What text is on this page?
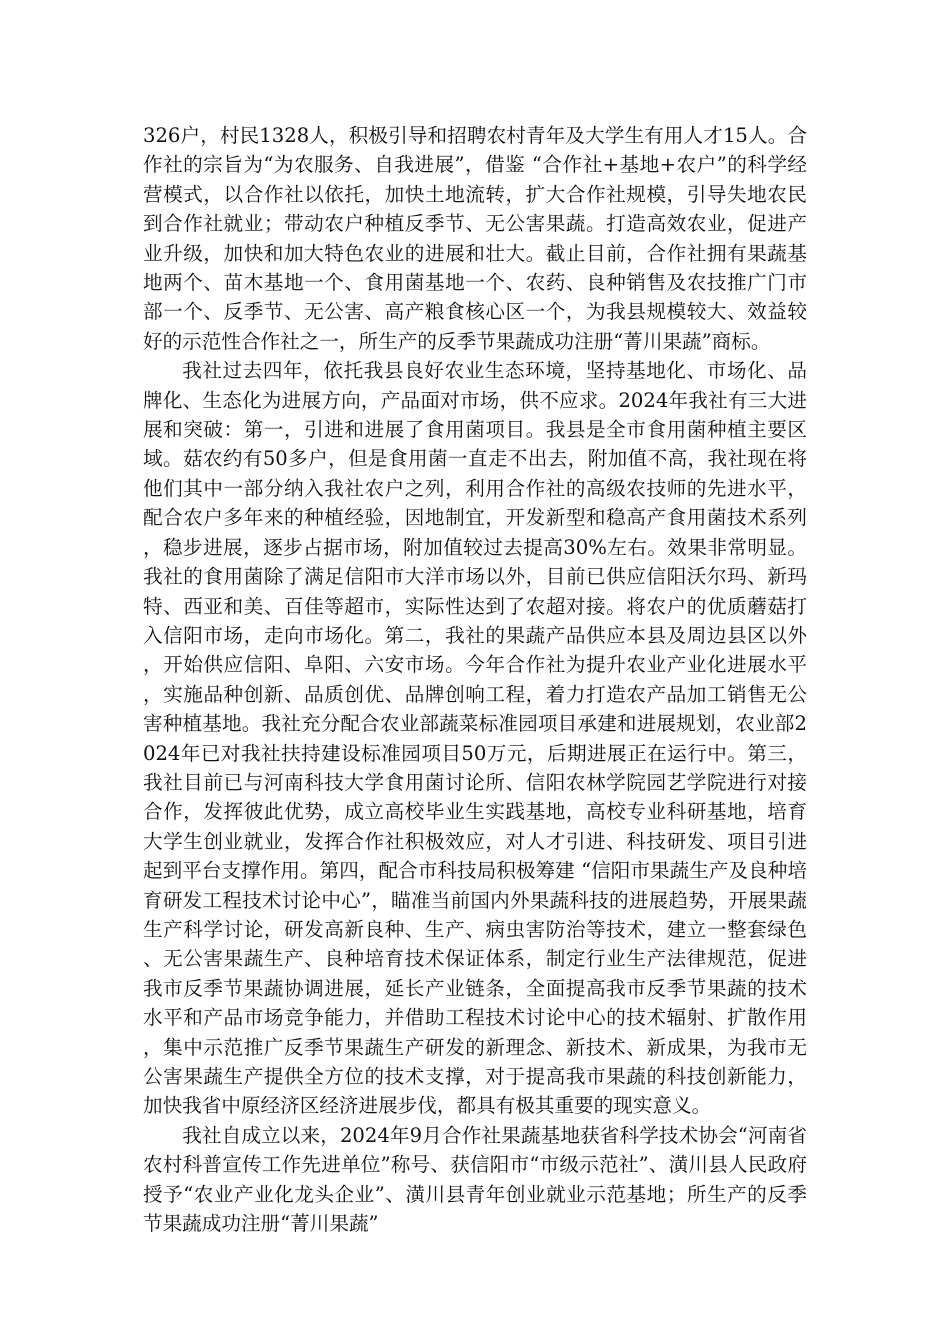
326户，村民1328人，积极引导和招聘农村青年及大学生有用人才15人。合作社的宗旨为“为农服务、自我进展”，借鉴 “合作社+基地+农户”的科学经营模式，以合作社以依托，加快土地流转，扩大合作社规模，引导失地农民到合作社就业；带动农户种植反季节、无公害果蔬。打造高效农业，促进产业升级，加快和加大特色农业的进展和壮大。截止目前，合作社拥有果蔬基地两个、苗木基地一个、食用菌基地一个、农药、良种销售及农技推广门市部一个、反季节、无公害、高产粮食核心区一个，为我县规模较大、效益较好的示范性合作社之一，所生产的反季节果蔬成功注册“菁川果蔬”商标。

我社过去四年，依托我县良好农业生态环境，坚持基地化、市场化、品牌化、生态化为进展方向，产品面对市场，供不应求。2024年我社有三大进展和突破：第一，引进和进展了食用菌项目。我县是全市食用菌种植主要区域。菇农约有50多户，但是食用菌一直走不出去，附加值不高，我社现在将他们其中一部分纳入我社农户之列，利用合作社的高级农技师的先进水平，配合农户多年来的种植经验，因地制宜，开发新型和稳高产食用菌技术系列，稳步进展，逐步占据市场，附加值较过去提高30%左右。效果非常明显。我社的食用菌除了满足信阳市大洋市场以外，目前已供应信阳沃尔玛、新玛特、西亚和美、百佳等超市，实际性达到了农超对接。将农户的优质蘑菇打入信阳市场，走向市场化。第二，我社的果蔬产品供应本县及周边县区以外，开始供应信阳、阜阳、六安市场。今年合作社为提升农业产业化进展水平，实施品种创新、品质创优、品牌创响工程，着力打造农产品加工销售无公害种植基地。我社充分配合农业部蔬菜标准园项目承建和进展规划，农业部2024年已对我社扶持建设标准园项目50万元，后期进展正在运行中。第三，我社目前已与河南科技大学食用菌讨论所、信阳农林学院园艺学院进行对接合作，发挥彼此优势，成立高校毕业生实践基地，高校专业科研基地，培育大学生创业就业，发挥合作社积极效应，对人才引进、科技研发、项目引进起到平台支撑作用。第四，配合市科技局积极筹建 “信阳市果蔬生产及良种培育研发工程技术讨论中心”，瞄准当前国内外果蔬科技的进展趋势，开展果蔬生产科学讨论，研发高新良种、生产、病虫害防治等技术，建立一整套绿色、无公害果蔬生产、良种培育技术保证体系，制定行业生产法律规范，促进我市反季节果蔬协调进展，延长产业链条，全面提高我市反季节果蔬的技术水平和产品市场竞争能力，并借助工程技术讨论中心的技术辐射、扩散作用，集中示范推广反季节果蔬生产研发的新理念、新技术、新成果，为我市无公害果蔬生产提供全方位的技术支撑，对于提高我市果蔬的科技创新能力，加快我省中原经济区经济进展步伐，都具有极其重要的现实意义。

我社自成立以来，2024年9月合作社果蔬基地获省科学技术协会“河南省农村科普宣传工作先进单位”称号、获信阳市“市级示范社”、潢川县人民政府授予“农业产业化龙头企业”、潢川县青年创业就业示范基地；所生产的反季节果蔬成功注册“菁川果蔬”
